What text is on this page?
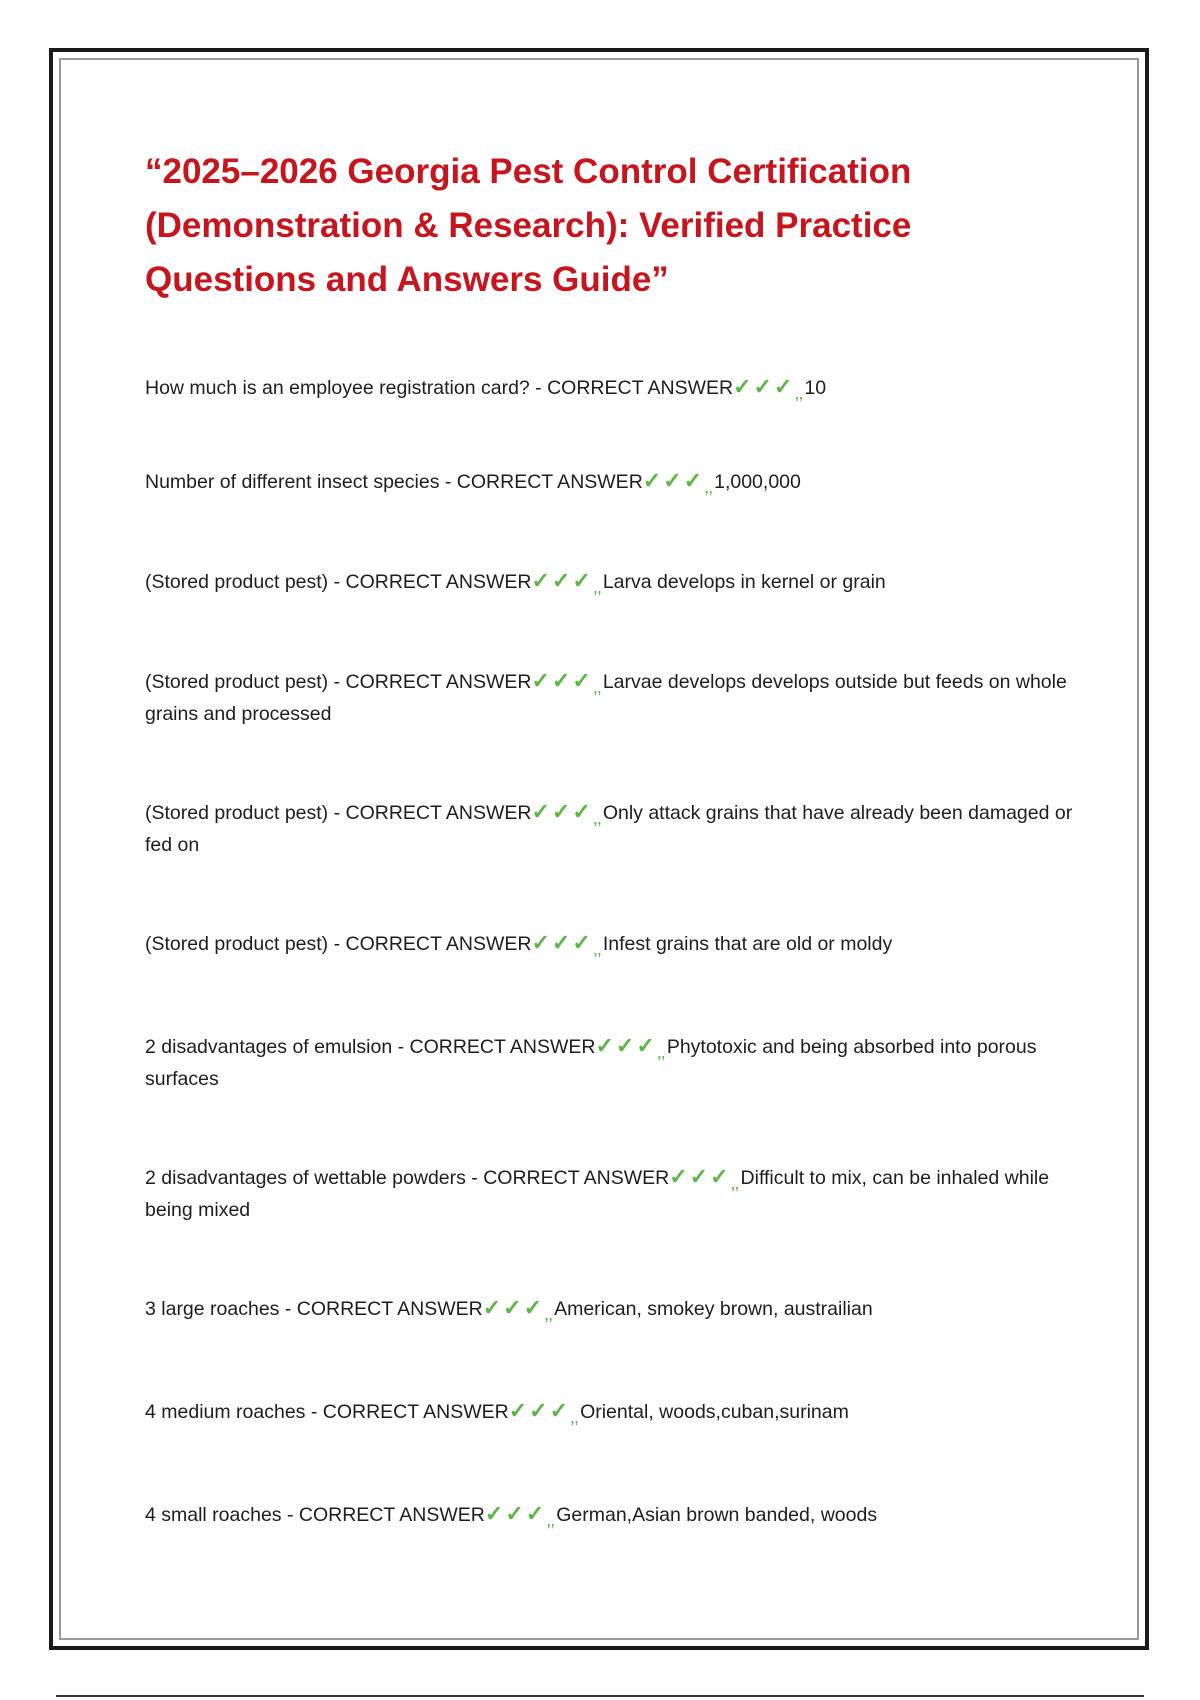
“2025–2026 Georgia Pest Control Certification (Demonstration & Research): Verified Practice Questions and Answers Guide”
How much is an employee registration card? - CORRECT ANSWER✓✓✓,, 10
Number of different insect species - CORRECT ANSWER✓✓✓,, 1,000,000
(Stored product pest) - CORRECT ANSWER✓✓✓,, Larva develops in kernel or grain
(Stored product pest) - CORRECT ANSWER✓✓✓,, Larvae develops develops outside but feeds on whole grains and processed
(Stored product pest) - CORRECT ANSWER✓✓✓,, Only attack grains that have already been damaged or fed on
(Stored product pest) - CORRECT ANSWER✓✓✓,, Infest grains that are old or moldy
2 disadvantages of emulsion - CORRECT ANSWER✓✓✓,, Phytotoxic and being absorbed into porous surfaces
2 disadvantages of wettable powders - CORRECT ANSWER✓✓✓,, Difficult to mix, can be inhaled while being mixed
3 large roaches - CORRECT ANSWER✓✓✓,, American, smokey brown, austrailian
4 medium roaches - CORRECT ANSWER✓✓✓,, Oriental, woods,cuban,surinam
4 small roaches - CORRECT ANSWER✓✓✓,, German,Asian brown banded, woods
